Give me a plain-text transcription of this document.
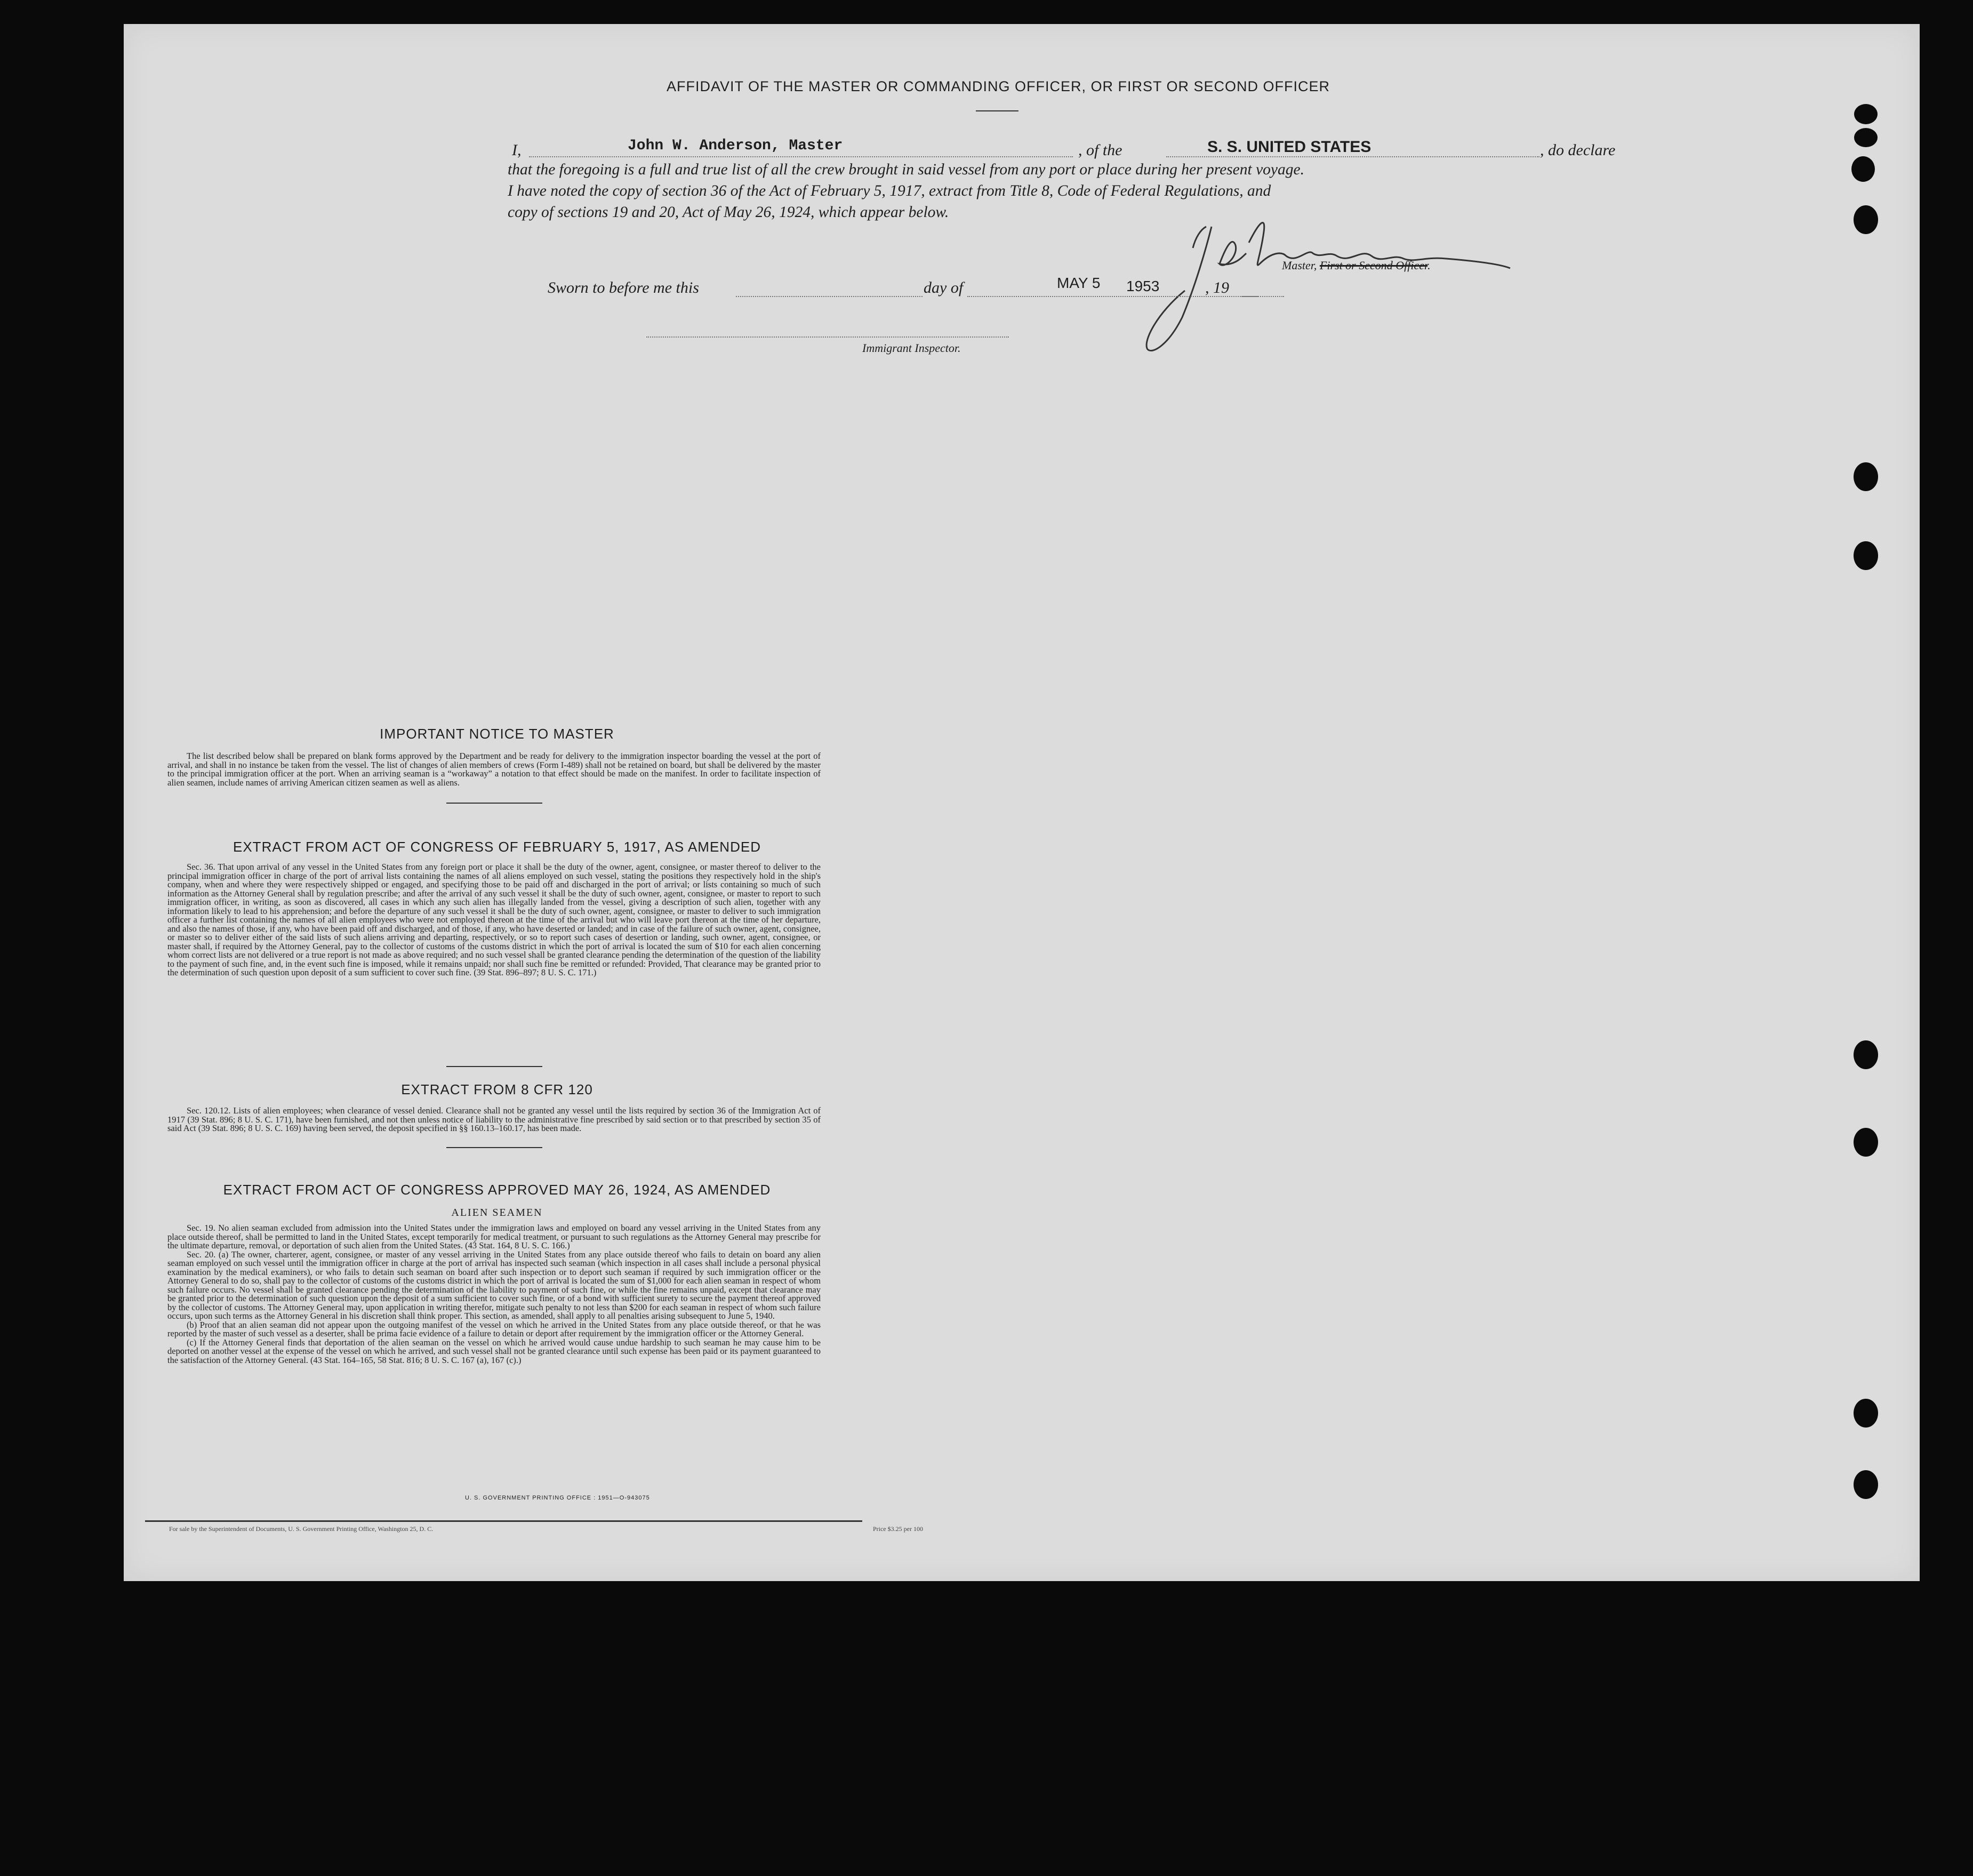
AFFIDAVIT OF THE MASTER OR COMMANDING OFFICER, OR FIRST OR SECOND OFFICER
I,	John W. Anderson, Master	, of the	S. S. UNITED STATES	, do declare
that the foregoing is a full and true list of all the crew brought in said vessel from any port or place during her present voyage.
I have noted the copy of section 36 of the Act of February 5, 1917, extract from Title 8, Code of Federal Regulations, and
copy of sections 19 and 20, Act of May 26, 1924, which appear below.
Master, First or Second Officer.
Sworn to before me this	day of	MAY 5 1953	, 19
Immigrant Inspector.
IMPORTANT NOTICE TO MASTER
The list described below shall be prepared on blank forms approved by the Department and be ready for delivery to the immigration inspector boarding the vessel at the port of arrival, and shall in no instance be taken from the vessel. The list of changes of alien members of crews (Form I-489) shall not be retained on board, but shall be delivered by the master to the principal immigration officer at the port. When an arriving seaman is a “workaway” a notation to that effect should be made on the manifest. In order to facilitate inspection of alien seamen, include names of arriving American citizen seamen as well as aliens.
EXTRACT FROM ACT OF CONGRESS OF FEBRUARY 5, 1917, AS AMENDED
Sec. 36. That upon arrival of any vessel in the United States from any foreign port or place it shall be the duty of the owner, agent, consignee, or master thereof to deliver to the principal immigration officer in charge of the port of arrival lists containing the names of all aliens employed on such vessel, stating the positions they respectively hold in the ship's company, when and where they were respectively shipped or engaged, and specifying those to be paid off and discharged in the port of arrival; or lists containing so much of such information as the Attorney General shall by regulation prescribe; and after the arrival of any such vessel it shall be the duty of such owner, agent, consignee, or master to report to such immigration officer, in writing, as soon as discovered, all cases in which any such alien has illegally landed from the vessel, giving a description of such alien, together with any information likely to lead to his apprehension; and before the departure of any such vessel it shall be the duty of such owner, agent, consignee, or master to deliver to such immigration officer a further list containing the names of all alien employees who were not employed thereon at the time of the arrival but who will leave port thereon at the time of her departure, and also the names of those, if any, who have been paid off and discharged, and of those, if any, who have deserted or landed; and in case of the failure of such owner, agent, consignee, or master so to deliver either of the said lists of such aliens arriving and departing, respectively, or so to report such cases of desertion or landing, such owner, agent, consignee, or master shall, if required by the Attorney General, pay to the collector of customs of the customs district in which the port of arrival is located the sum of $10 for each alien concerning whom correct lists are not delivered or a true report is not made as above required; and no such vessel shall be granted clearance pending the determination of the question of the liability to the payment of such fine, and, in the event such fine is imposed, while it remains unpaid; nor shall such fine be remitted or refunded: Provided, That clearance may be granted prior to the determination of such question upon deposit of a sum sufficient to cover such fine. (39 Stat. 896–897; 8 U. S. C. 171.)
EXTRACT FROM 8 CFR 120
Sec. 120.12. Lists of alien employees; when clearance of vessel denied. Clearance shall not be granted any vessel until the lists required by section 36 of the Immigration Act of 1917 (39 Stat. 896; 8 U. S. C. 171), have been furnished, and not then unless notice of liability to the administrative fine prescribed by said section or to that prescribed by section 35 of said Act (39 Stat. 896; 8 U. S. C. 169) having been served, the deposit specified in §§ 160.13–160.17, has been made.
EXTRACT FROM ACT OF CONGRESS APPROVED MAY 26, 1924, AS AMENDED
ALIEN SEAMEN

Sec. 19. No alien seaman excluded from admission into the United States under the immigration laws and employed on board any vessel arriving in the United States from any place outside thereof, shall be permitted to land in the United States, except temporarily for medical treatment, or pursuant to such regulations as the Attorney General may prescribe for the ultimate departure, removal, or deportation of such alien from the United States. (43 Stat. 164, 8 U. S. C. 166.)

Sec. 20. (a) The owner, charterer, agent, consignee, or master of any vessel arriving in the United States from any place outside thereof who fails to detain on board any alien seaman employed on such vessel until the immigration officer in charge at the port of arrival has inspected such seaman (which inspection in all cases shall include a personal physical examination by the medical examiners), or who fails to detain such seaman on board after such inspection or to deport such seaman if required by such immigration officer or the Attorney General to do so, shall pay to the collector of customs of the customs district in which the port of arrival is located the sum of $1,000 for each alien seaman in respect of whom such failure occurs. No vessel shall be granted clearance pending the determination of the liability to payment of such fine, or while the fine remains unpaid, except that clearance may be granted prior to the determination of such question upon the deposit of a sum sufficient to cover such fine, or of a bond with sufficient surety to secure the payment thereof approved by the collector of customs. The Attorney General may, upon application in writing therefor, mitigate such penalty to not less than $200 for each seaman in respect of whom such failure occurs, upon such terms as the Attorney General in his discretion shall think proper. This section, as amended, shall apply to all penalties arising subsequent to June 5, 1940.

(b) Proof that an alien seaman did not appear upon the outgoing manifest of the vessel on which he arrived in the United States from any place outside thereof, or that he was reported by the master of such vessel as a deserter, shall be prima facie evidence of a failure to detain or deport after requirement by the immigration officer or the Attorney General.

(c) If the Attorney General finds that deportation of the alien seaman on the vessel on which he arrived would cause undue hardship to such seaman he may cause him to be deported on another vessel at the expense of the vessel on which he arrived, and such vessel shall not be granted clearance until such expense has been paid or its payment guaranteed to the satisfaction of the Attorney General. (43 Stat. 164–165, 58 Stat. 816; 8 U. S. C. 167 (a), 167 (c).)

U. S. GOVERNMENT PRINTING OFFICE : 1951—O-943075
For sale by the Superintendent of Documents, U. S. Government Printing Office, Washington 25, D. C.	Price $3.25 per 100
